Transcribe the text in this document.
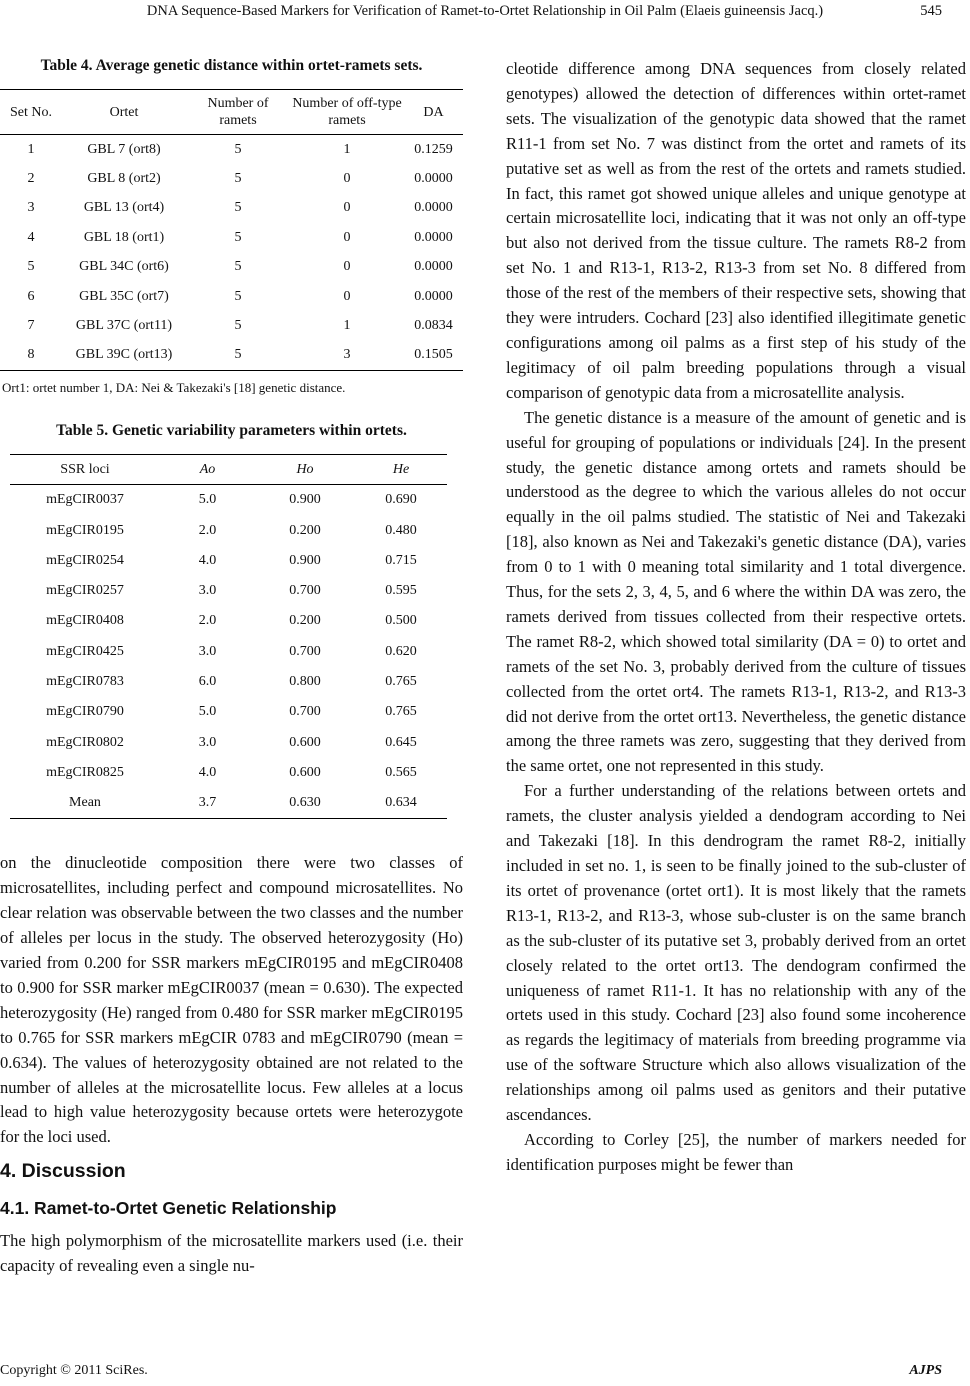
DNA Sequence-Based Markers for Verification of Ramet-to-Ortet Relationship in Oil Palm (Elaeis guineensis Jacq.)	545
Table 4. Average genetic distance within ortet-ramets sets.
Set No.	Ortet	Number of ramets	Number of off-type ramets	DA
1	GBL 7 (ort8)	5	1	0.1259
2	GBL 8 (ort2)	5	0	0.0000
3	GBL 13 (ort4)	5	0	0.0000
4	GBL 18 (ort1)	5	0	0.0000
5	GBL 34C (ort6)	5	0	0.0000
6	GBL 35C (ort7)	5	0	0.0000
7	GBL 37C (ort11)	5	1	0.0834
8	GBL 39C (ort13)	5	3	0.1505
Ort1: ortet number 1, DA: Nei & Takezaki's [18] genetic distance.
Table 5. Genetic variability parameters within ortets.
SSR loci	Ao	Ho	He
mEgCIR0037	5.0	0.900	0.690
mEgCIR0195	2.0	0.200	0.480
mEgCIR0254	4.0	0.900	0.715
mEgCIR0257	3.0	0.700	0.595
mEgCIR0408	2.0	0.200	0.500
mEgCIR0425	3.0	0.700	0.620
mEgCIR0783	6.0	0.800	0.765
mEgCIR0790	5.0	0.700	0.765
mEgCIR0802	3.0	0.600	0.645
mEgCIR0825	4.0	0.600	0.565
Mean	3.7	0.630	0.634

on the dinucleotide composition there were two classes of microsatellites, including perfect and compound microsatellites. No clear relation was observable between the two classes and the number of alleles per locus in the study. The observed heterozygosity (Ho) varied from 0.200 for SSR markers mEgCIR0195 and mEgCIR0408 to 0.900 for SSR marker mEgCIR0037 (mean = 0.630). The expected heterozygosity (He) ranged from 0.480 for SSR marker mEgCIR0195 to 0.765 for SSR markers mEgCIR 0783 and mEgCIR0790 (mean = 0.634). The values of heterozygosity obtained are not related to the number of alleles at the microsatellite locus. Few alleles at a locus lead to high value heterozygosity because ortets were heterozygote for the loci used.

4. Discussion
4.1. Ramet-to-Ortet Genetic Relationship

The high polymorphism of the microsatellite markers used (i.e. their capacity of revealing even a single nu-

cleotide difference among DNA sequences from closely related genotypes) allowed the detection of differences within ortet-ramet sets. The visualization of the genotypic data showed that the ramet R11-1 from set No. 7 was distinct from the ortet and ramets of its putative set as well as from the rest of the ortets and ramets studied. In fact, this ramet got showed unique alleles and unique genotype at certain microsatellite loci, indicating that it was not only an off-type but also not derived from the tissue culture. The ramets R8-2 from set No. 1 and R13-1, R13-2, R13-3 from set No. 8 differed from those of the rest of the members of their respective sets, showing that they were intruders. Cochard [23] also identified illegitimate genetic configurations among oil palms as a first step of his study of the legitimacy of oil palm breeding populations through a visual comparison of genotypic data from a microsatellite analysis.

The genetic distance is a measure of the amount of genetic and is useful for grouping of populations or individuals [24]. In the present study, the genetic distance among ortets and ramets should be understood as the degree to which the various alleles do not occur equally in the oil palms studied. The statistic of Nei and Takezaki [18], also known as Nei and Takezaki's genetic distance (DA), varies from 0 to 1 with 0 meaning total similarity and 1 total divergence. Thus, for the sets 2, 3, 4, 5, and 6 where the within DA was zero, the ramets derived from tissues collected from their respective ortets. The ramet R8-2, which showed total similarity (DA = 0) to ortet and ramets of the set No. 3, probably derived from the culture of tissues collected from the ortet ort4. The ramets R13-1, R13-2, and R13-3 did not derive from the ortet ort13. Nevertheless, the genetic distance among the three ramets was zero, suggesting that they derived from the same ortet, one not represented in this study.

For a further understanding of the relations between ortets and ramets, the cluster analysis yielded a dendogram according to Nei and Takezaki [18]. In this dendrogram the ramet R8-2, initially included in set no. 1, is seen to be finally joined to the sub-cluster of its ortet of provenance (ortet ort1). It is most likely that the ramets R13-1, R13-2, and R13-3, whose sub-cluster is on the same branch as the sub-cluster of its putative set 3, probably derived from an ortet closely related to the ortet ort13. The dendogram confirmed the uniqueness of ramet R11-1. It has no relationship with any of the ortets used in this study. Cochard [23] also found some incoherence as regards the legitimacy of materials from breeding programme via use of the software Structure which also allows visualization of the relationships among oil palms used as genitors and their putative ascendances.

According to Corley [25], the number of markers needed for identification purposes might be fewer than

Copyright © 2011 SciRes.	AJPS
